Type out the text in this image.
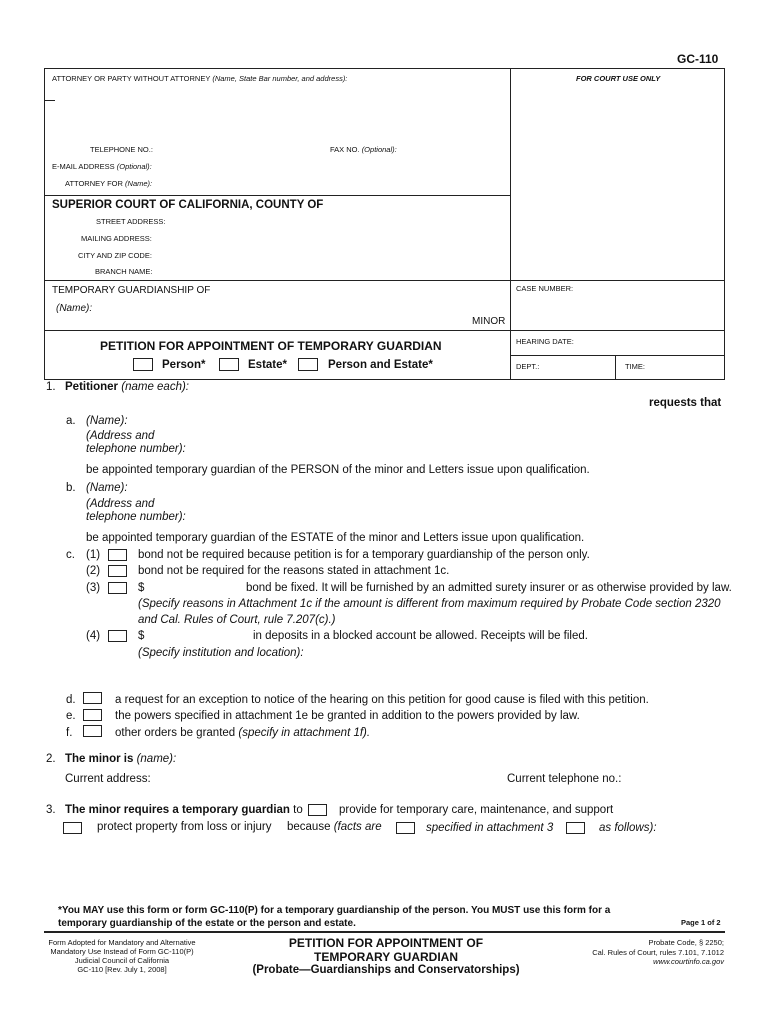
GC-110
ATTORNEY OR PARTY WITHOUT ATTORNEY (Name, State Bar number, and address):	FOR COURT USE ONLY
TELEPHONE NO.:	FAX NO. (Optional):
E-MAIL ADDRESS (Optional):
ATTORNEY FOR (Name):
SUPERIOR COURT OF CALIFORNIA, COUNTY OF
STREET ADDRESS:
MAILING ADDRESS:
CITY AND ZIP CODE:
BRANCH NAME:
TEMPORARY GUARDIANSHIP OF
(Name):
MINOR
CASE NUMBER:
PETITION FOR APPOINTMENT OF TEMPORARY GUARDIAN
Person*	Estate*	Person and Estate*
HEARING DATE:
DEPT.:	TIME:
1. Petitioner (name each):
requests that
a. (Name):
(Address and
telephone number):
be appointed temporary guardian of the PERSON of the minor and Letters issue upon qualification.
b. (Name):
(Address and
telephone number):
be appointed temporary guardian of the ESTATE of the minor and Letters issue upon qualification.
c. (1)	bond not be required because petition is for a temporary guardianship of the person only.
(2)	bond not be required for the reasons stated in attachment 1c.
(3)	$	bond be fixed. It will be furnished by an admitted surety insurer or as otherwise provided by law.
(Specify reasons in Attachment 1c if the amount is different from maximum required by Probate Code section 2320
and Cal. Rules of Court, rule 7.207(c).)
(4)	$	in deposits in a blocked account be allowed. Receipts will be filed.
(Specify institution and location):
d.	a request for an exception to notice of the hearing on this petition for good cause is filed with this petition.
e.	the powers specified in attachment 1e be granted in addition to the powers provided by law.
f.	other orders be granted (specify in attachment 1f).
2. The minor is (name):
Current address:	Current telephone no.:
3. The minor requires a temporary guardian to	provide for temporary care, maintenance, and support
protect property from loss or injury because (facts are	specified in attachment 3	as follows):
*You MAY use this form or form GC-110(P) for a temporary guardianship of the person. You MUST use this form for a
temporary guardianship of the estate or the person and estate.	Page 1 of 2
Form Adopted for Mandatory and Alternative
Mandatory Use Instead of Form GC-110(P)
Judicial Council of California
GC-110 [Rev. July 1, 2008]
PETITION FOR APPOINTMENT OF
TEMPORARY GUARDIAN
(Probate—Guardianships and Conservatorships)
Probate Code, § 2250;
Cal. Rules of Court, rules 7.101, 7.1012
www.courtinfo.ca.gov
